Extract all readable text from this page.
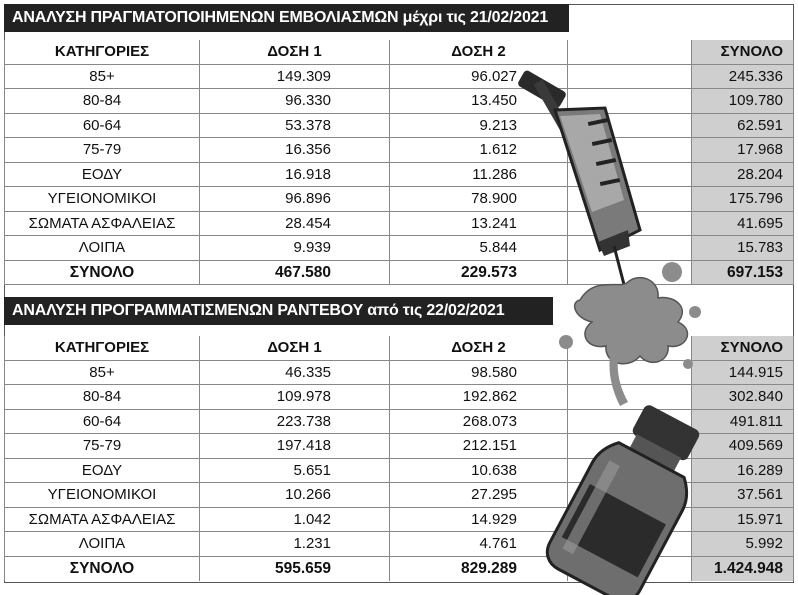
ΑΝΑΛΥΣΗ ΠΡΑΓΜΑΤΟΠΟΙΗΜΕΝΩΝ ΕΜΒΟΛΙΑΣΜΩΝ μέχρι τις 21/02/2021
ΚΑΤΗΓΟΡΙΕΣ	ΔΟΣΗ 1	ΔΟΣΗ 2	ΣΥΝΟΛΟ
85+	149.309	96.027	245.336
80-84	96.330	13.450	109.780
60-64	53.378	9.213	62.591
75-79	16.356	1.612	17.968
ΕΟΔΥ	16.918	11.286	28.204
ΥΓΕΙΟΝΟΜΙΚΟΙ	96.896	78.900	175.796
ΣΩΜΑΤΑ ΑΣΦΑΛΕΙΑΣ	28.454	13.241	41.695
ΛΟΙΠΑ	9.939	5.844	15.783
ΣΥΝΟΛΟ	467.580	229.573	697.153
ΑΝΑΛΥΣΗ ΠΡΟΓΡΑΜΜΑΤΙΣΜΕΝΩΝ ΡΑΝΤΕΒΟΥ από τις 22/02/2021
ΚΑΤΗΓΟΡΙΕΣ	ΔΟΣΗ 1	ΔΟΣΗ 2	ΣΥΝΟΛΟ
85+	46.335	98.580	144.915
80-84	109.978	192.862	302.840
60-64	223.738	268.073	491.811
75-79	197.418	212.151	409.569
ΕΟΔΥ	5.651	10.638	16.289
ΥΓΕΙΟΝΟΜΙΚΟΙ	10.266	27.295	37.561
ΣΩΜΑΤΑ ΑΣΦΑΛΕΙΑΣ	1.042	14.929	15.971
ΛΟΙΠΑ	1.231	4.761	5.992
ΣΥΝΟΛΟ	595.659	829.289	1.424.948
